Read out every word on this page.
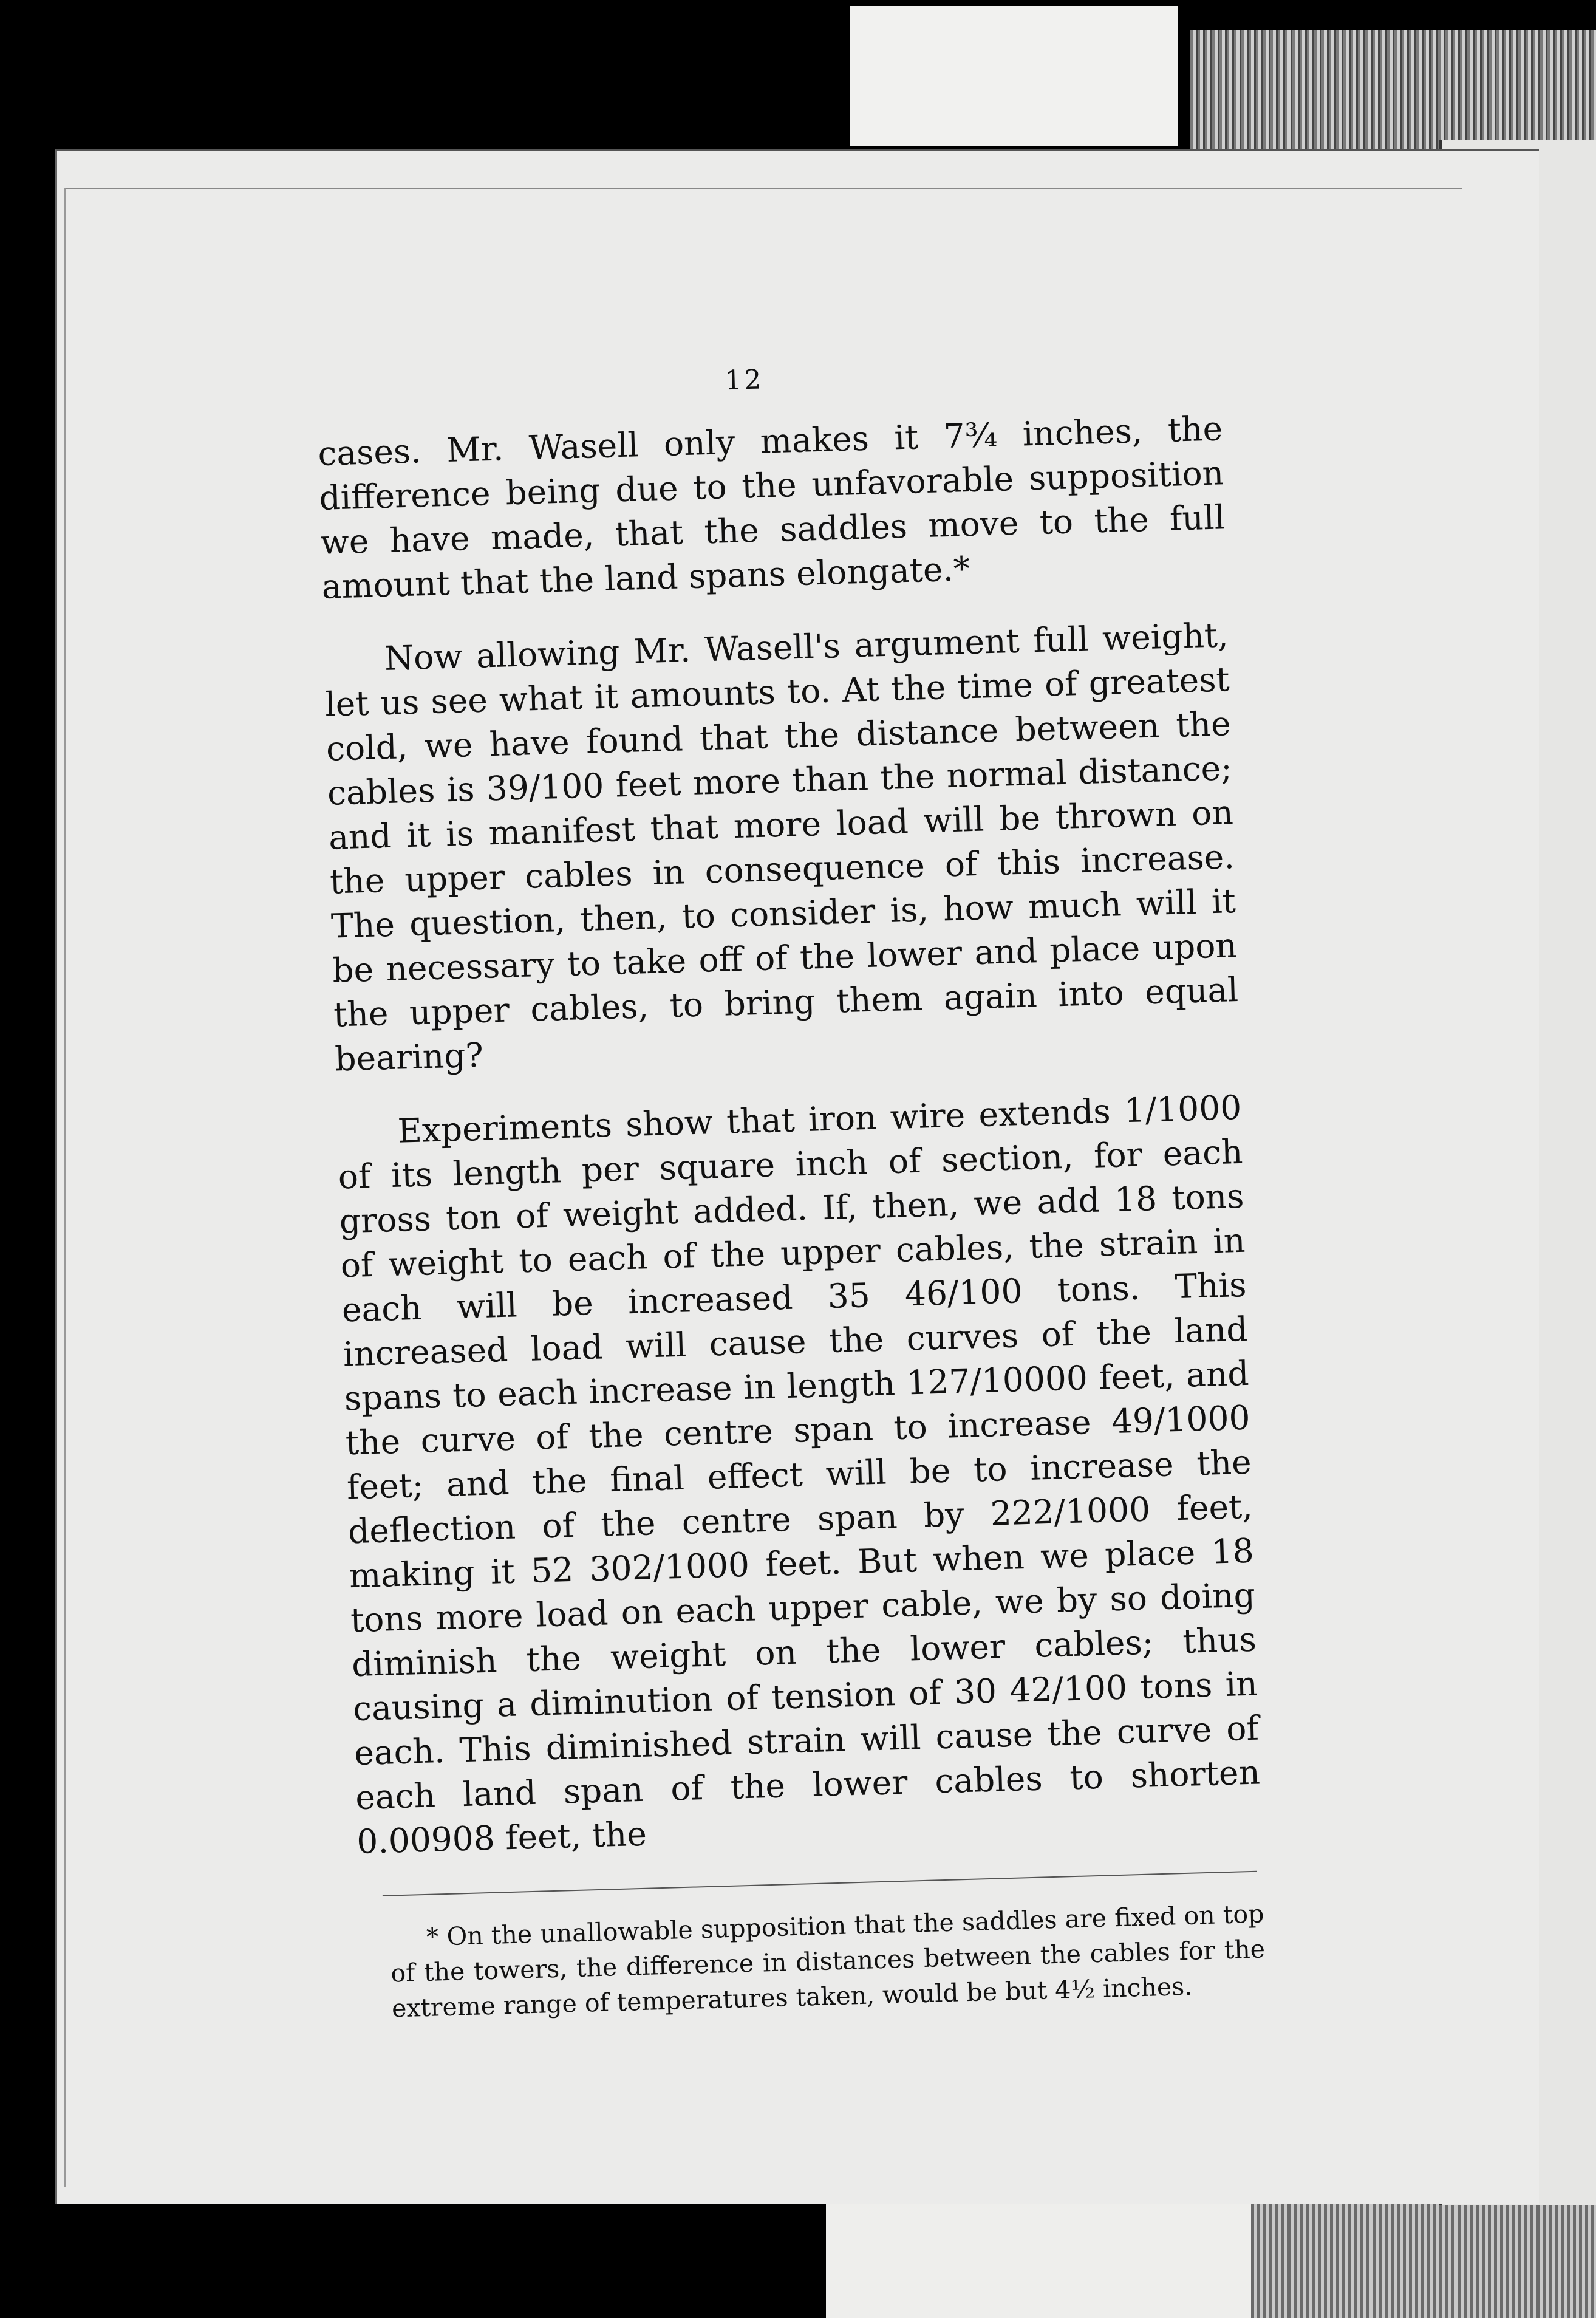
12

cases. Mr. Wasell only makes it 7¾ inches, the difference being due to the unfavorable supposition we have made, that the saddles move to the full amount that the land spans elongate.*

Now allowing Mr. Wasell's argument full weight, let us see what it amounts to. At the time of greatest cold, we have found that the distance between the cables is 39/100 feet more than the normal distance; and it is manifest that more load will be thrown on the upper cables in consequence of this increase. The question, then, to consider is, how much will it be necessary to take off of the lower and place upon the upper cables, to bring them again into equal bearing?

Experiments show that iron wire extends 1/1000 of its length per square inch of section, for each gross ton of weight added. If, then, we add 18 tons of weight to each of the upper cables, the strain in each will be increased 35 46/100 tons. This increased load will cause the curves of the land spans to each increase in length 127/10000 feet, and the curve of the centre span to increase 49/1000 feet; and the final effect will be to increase the deflection of the centre span by 222/1000 feet, making it 52 302/1000 feet. But when we place 18 tons more load on each upper cable, we by so doing diminish the weight on the lower cables; thus causing a diminution of tension of 30 42/100 tons in each. This diminished strain will cause the curve of each land span of the lower cables to shorten 0.00908 feet, the

* On the unallowable supposition that the saddles are fixed on top of the towers, the difference in distances between the cables for the extreme range of temperatures taken, would be but 4½ inches.
